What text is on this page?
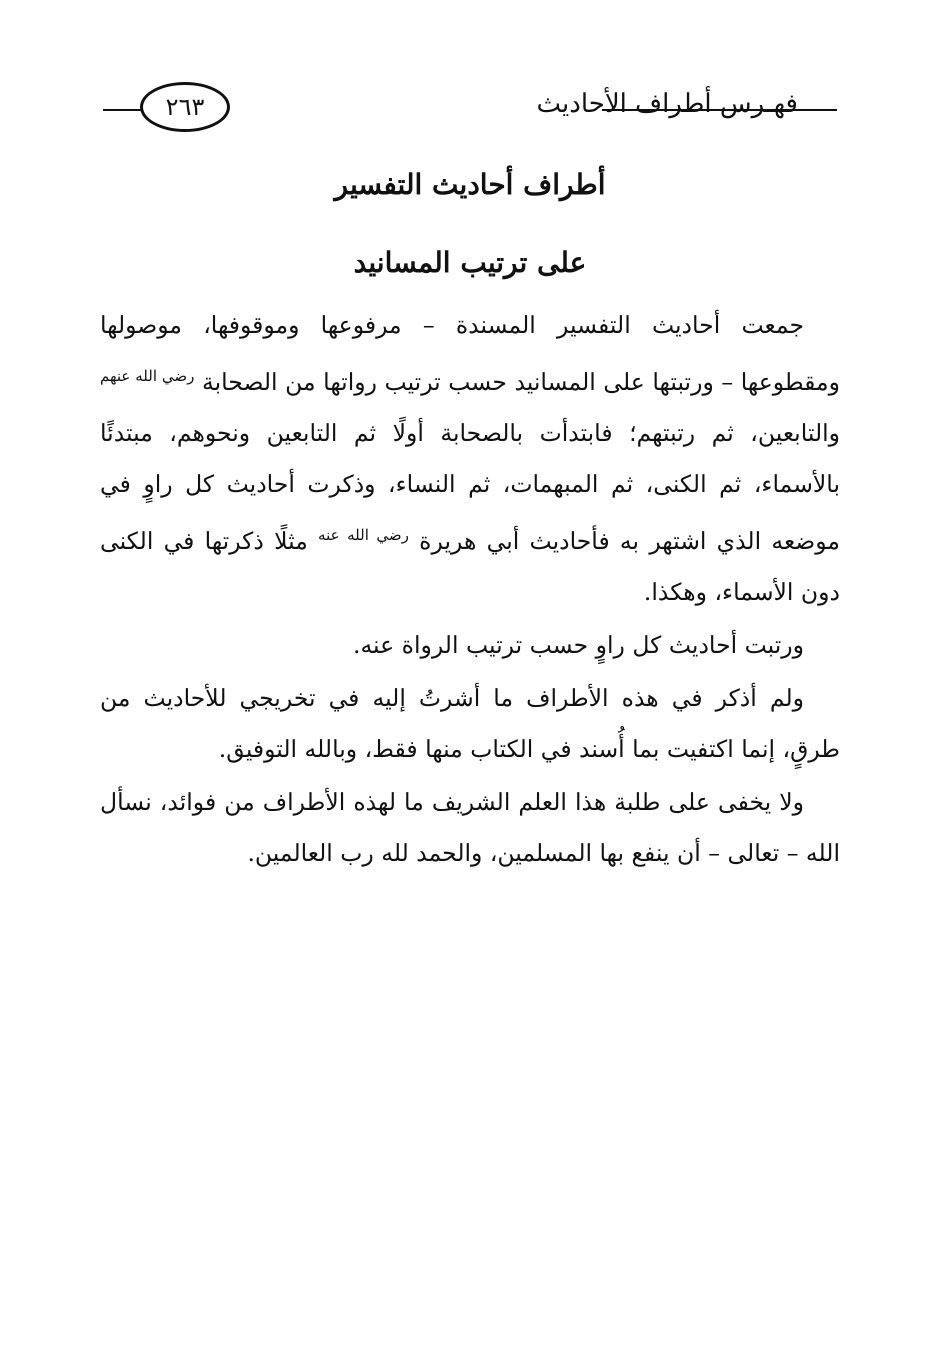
فهـرس أطراف الأحاديث
٢٦٣
أطراف أحاديث التفسير
على ترتيب المسانيد

جمعت أحاديث التفسير المسندة – مرفوعها وموقوفها، موصولها ومقطوعها – ورتبتها على المسانيد حسب ترتيب رواتها من الصحابة $^{رضي الله عنهم}$ والتابعين، ثم رتبتهم؛ فابتدأت بالصحابة أولًا ثم التابعين ونحوهم، مبتدئًا بالأسماء، ثم الكنى، ثم المبهمات، ثم النساء، وذكرت أحاديث كل راوٍ في موضعه الذي اشتهر به فأحاديث أبي هريرة $^{رضي الله عنه}$ مثلًا ذكرتها في الكنى دون الأسماء، وهكذا.

ورتبت أحاديث كل راوٍ حسب ترتيب الرواة عنه.

ولم أذكر في هذه الأطراف ما أشرتُ إليه في تخريجي للأحاديث من طرقٍ، إنما اكتفيت بما أُسند في الكتاب منها فقط، وبالله التوفيق.

ولا يخفى على طلبة هذا العلم الشريف ما لهذه الأطراف من فوائد، نسأل الله – تعالى – أن ينفع بها المسلمين، والحمد لله رب العالمين.
